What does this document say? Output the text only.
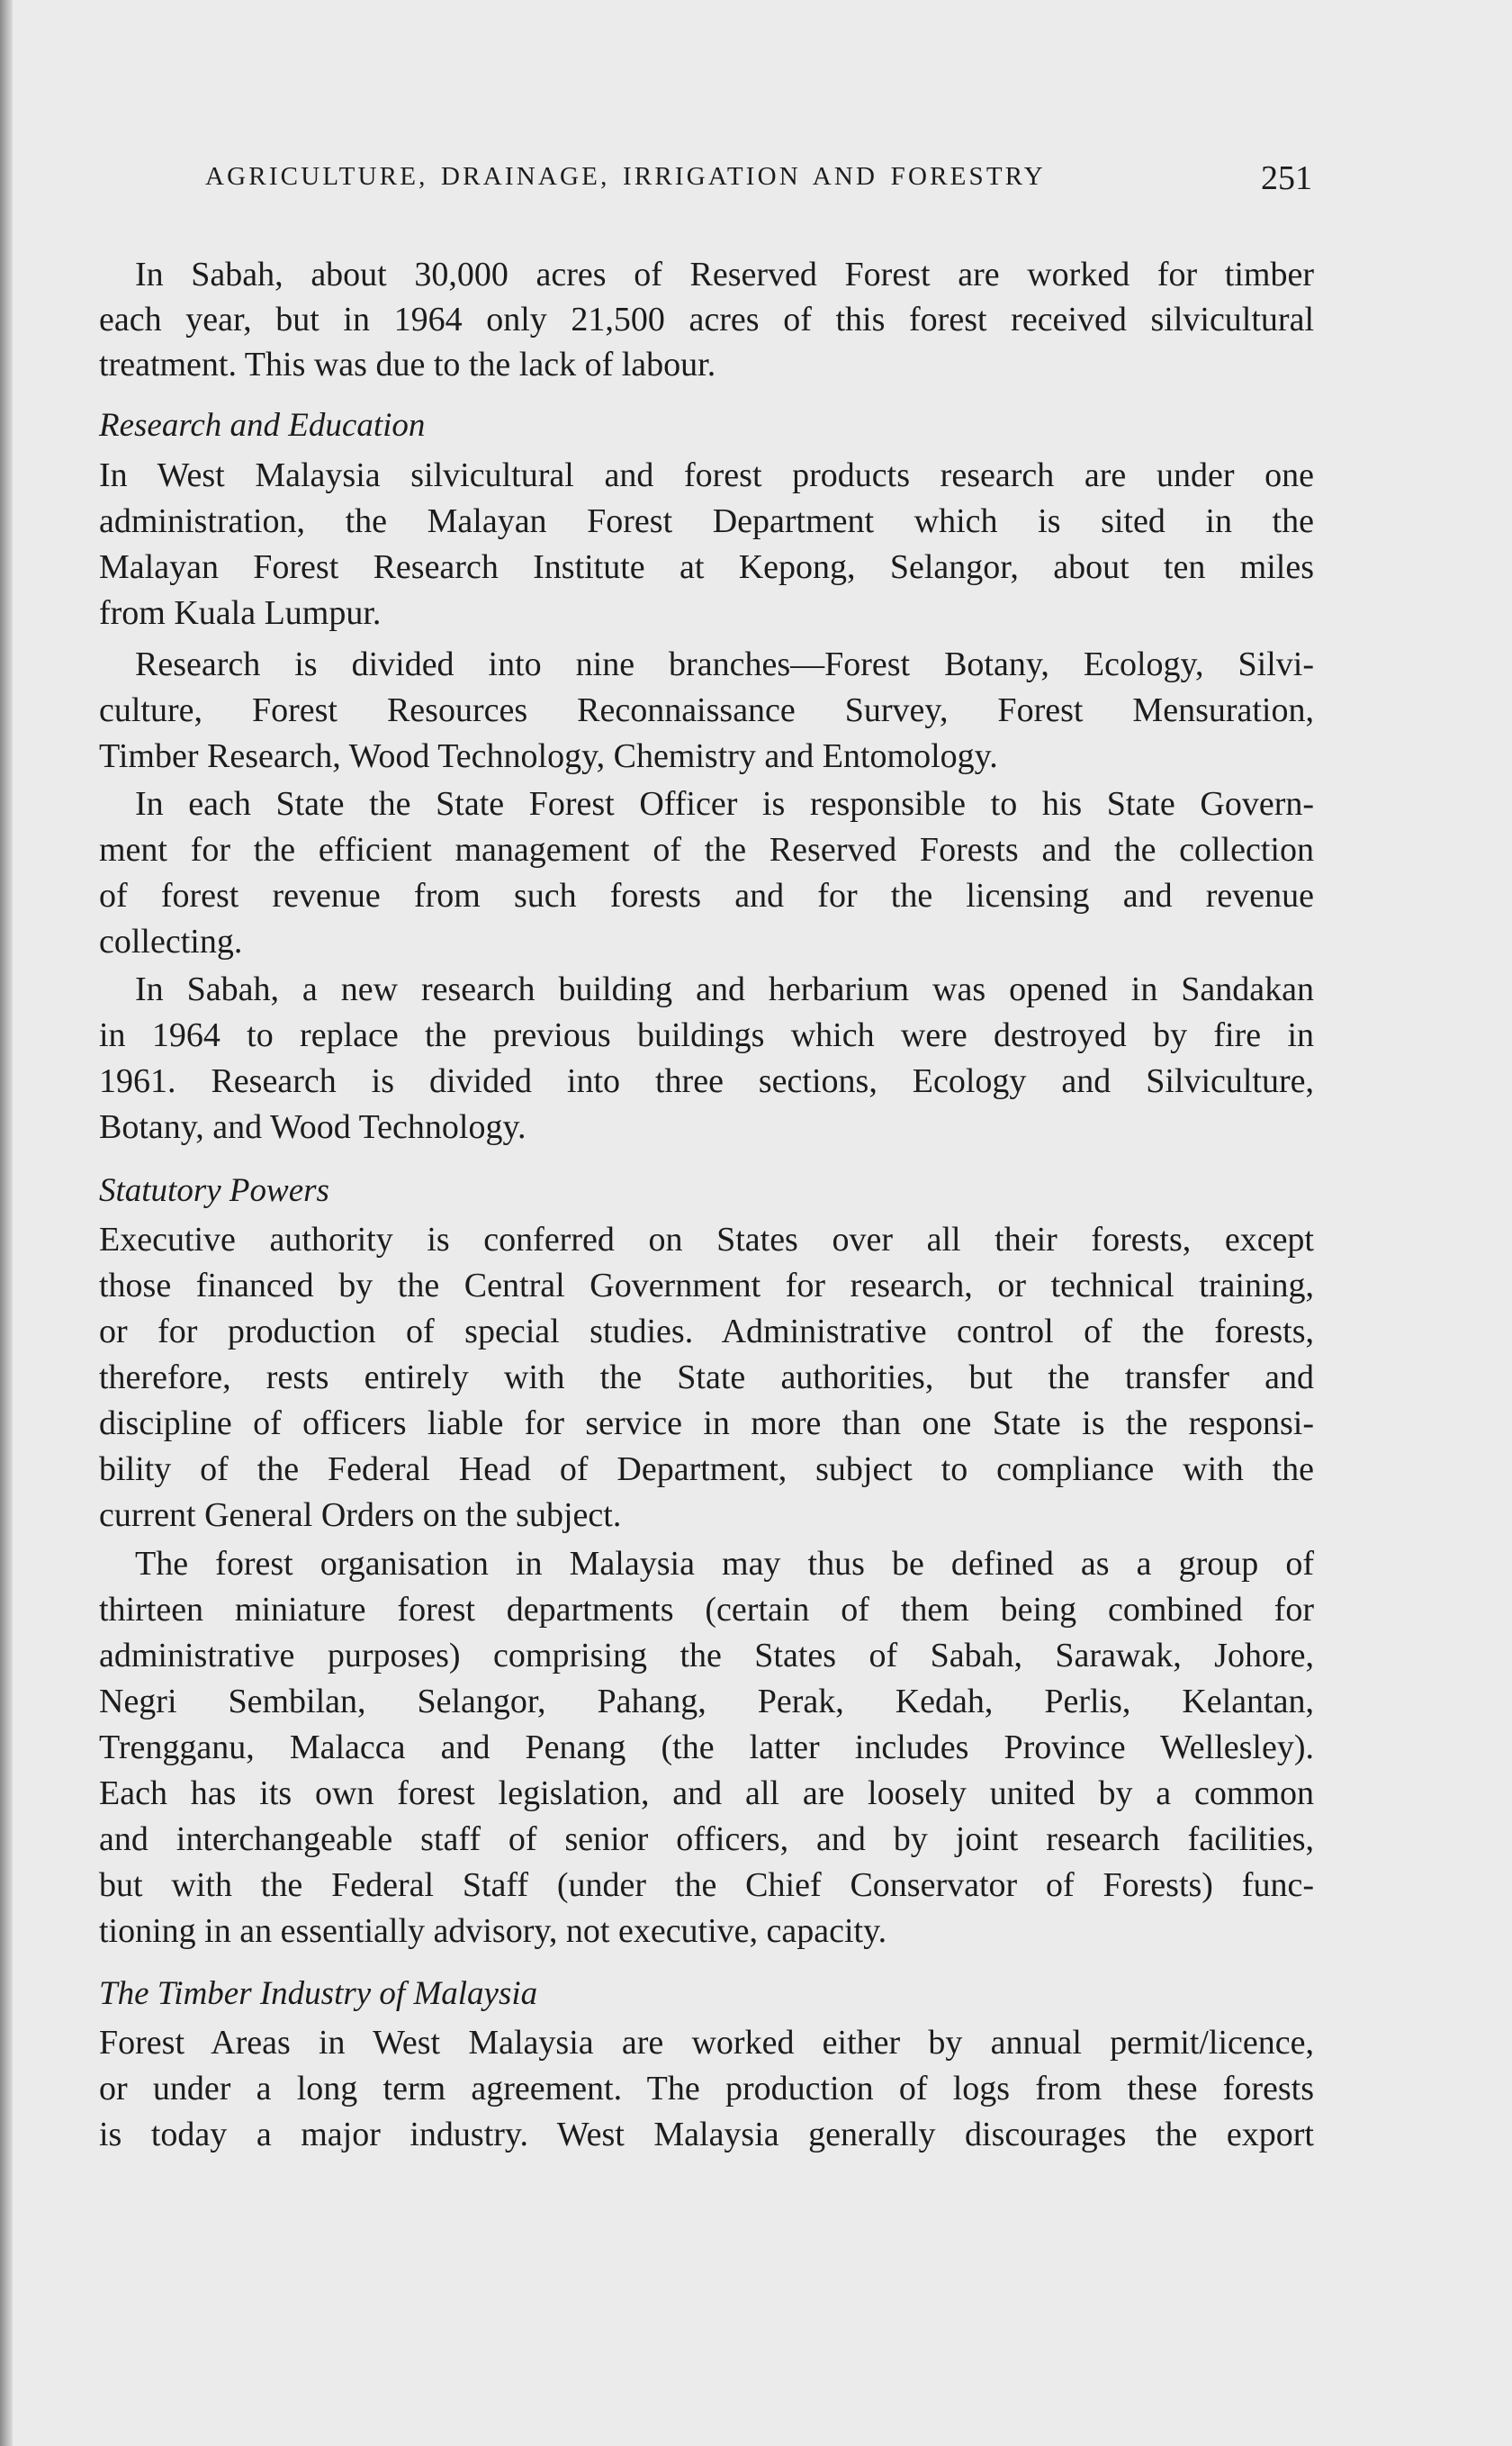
AGRICULTURE, DRAINAGE, IRRIGATION AND FORESTRY	251
In Sabah, about 30,000 acres of Reserved Forest are worked for timber
each year, but in 1964 only 21,500 acres of this forest received silvicultural
treatment. This was due to the lack of labour.
Research and Education
In West Malaysia silvicultural and forest products research are under one
administration, the Malayan Forest Department which is sited in the
Malayan Forest Research Institute at Kepong, Selangor, about ten miles
from Kuala Lumpur.
Research is divided into nine branches—Forest Botany, Ecology, Silvi-
culture, Forest Resources Reconnaissance Survey, Forest Mensuration,
Timber Research, Wood Technology, Chemistry and Entomology.
In each State the State Forest Officer is responsible to his State Govern-
ment for the efficient management of the Reserved Forests and the collection
of forest revenue from such forests and for the licensing and revenue
collecting.
In Sabah, a new research building and herbarium was opened in Sandakan
in 1964 to replace the previous buildings which were destroyed by fire in
1961. Research is divided into three sections, Ecology and Silviculture,
Botany, and Wood Technology.
Statutory Powers
Executive authority is conferred on States over all their forests, except
those financed by the Central Government for research, or technical training,
or for production of special studies. Administrative control of the forests,
therefore, rests entirely with the State authorities, but the transfer and
discipline of officers liable for service in more than one State is the responsi-
bility of the Federal Head of Department, subject to compliance with the
current General Orders on the subject.
The forest organisation in Malaysia may thus be defined as a group of
thirteen miniature forest departments (certain of them being combined for
administrative purposes) comprising the States of Sabah, Sarawak, Johore,
Negri Sembilan, Selangor, Pahang, Perak, Kedah, Perlis, Kelantan,
Trengganu, Malacca and Penang (the latter includes Province Wellesley).
Each has its own forest legislation, and all are loosely united by a common
and interchangeable staff of senior officers, and by joint research facilities,
but with the Federal Staff (under the Chief Conservator of Forests) func-
tioning in an essentially advisory, not executive, capacity.
The Timber Industry of Malaysia
Forest Areas in West Malaysia are worked either by annual permit/licence,
or under a long term agreement. The production of logs from these forests
is today a major industry. West Malaysia generally discourages the export
